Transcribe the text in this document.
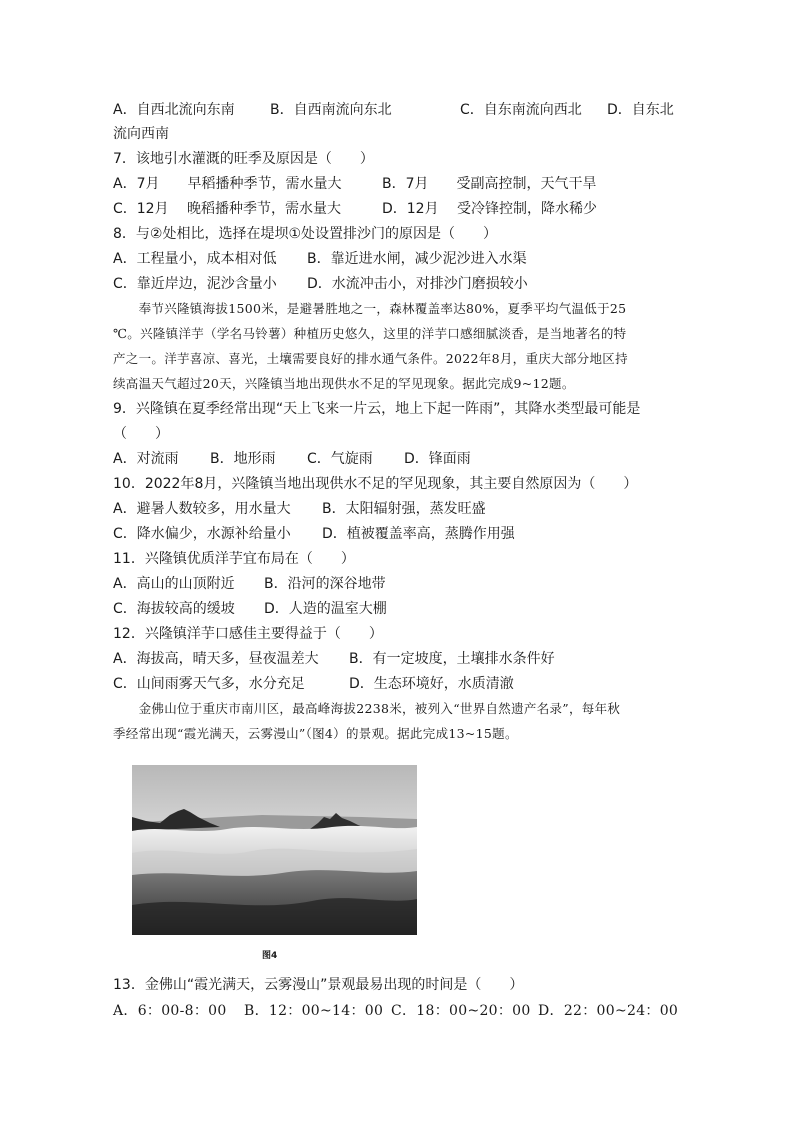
A．自西北流向东南	B．自西南流向东北	C．自东南流向西北 D．自东北
流向西南
7．该地引水灌溉的旺季及原因是（　　）
A．7月　　早稻播种季节，需水量大	B．7月　　受副高控制，天气干旱
C．12月　 晚稻播种季节，需水量大	D．12月　 受冷锋控制，降水稀少
8．与②处相比，选择在堤坝①处设置排沙门的原因是（　　）
A．工程量小，成本相对低 B．靠近进水闸，减少泥沙进入水渠
C．靠近岸边，泥沙含量小 D．水流冲击小，对排沙门磨损较小
　　奉节兴隆镇海拔1500米，是避暑胜地之一，森林覆盖率达80%，夏季平均气温低于25
℃。兴隆镇洋芋（学名马铃薯）种植历史悠久，这里的洋芋口感细腻淡香，是当地著名的特
产之一。洋芋喜凉、喜光，土壤需要良好的排水通气条件。2022年8月，重庆大部分地区持
续高温天气超过20天，兴隆镇当地出现供水不足的罕见现象。据此完成9~12题。
9．兴隆镇在夏季经常出现“天上飞来一片云，地上下起一阵雨”，其降水类型最可能是
（　　）
A．对流雨 B．地形雨 C．气旋雨 D．锋面雨
10．2022年8月，兴隆镇当地出现供水不足的罕见现象，其主要自然原因为（　　）
A．避暑人数较多，用水量大 B．太阳辐射强，蒸发旺盛
C．降水偏少，水源补给量小 D．植被覆盖率高，蒸腾作用强
11．兴隆镇优质洋芋宜布局在（　　）
A．高山的山顶附近 B．沿河的深谷地带
C．海拔较高的缓坡 D．人造的温室大棚
12．兴隆镇洋芋口感佳主要得益于（　　）
A．海拔高，晴天多，昼夜温差大 B．有一定坡度，土壤排水条件好
C．山间雨雾天气多，水分充足	D．生态环境好，水质清澈
　　金佛山位于重庆市南川区，最高峰海拔2238米，被列入“世界自然遗产名录”，每年秋
季经常出现“霞光满天，云雾漫山”（图4）的景观。据此完成13~15题。
图4
13．金佛山“霞光满天，云雾漫山”景观最易出现的时间是（　　）
A．6：00-8：00 B．12：00~14：00 C．18：00~20：00 D．22：00~24：00
